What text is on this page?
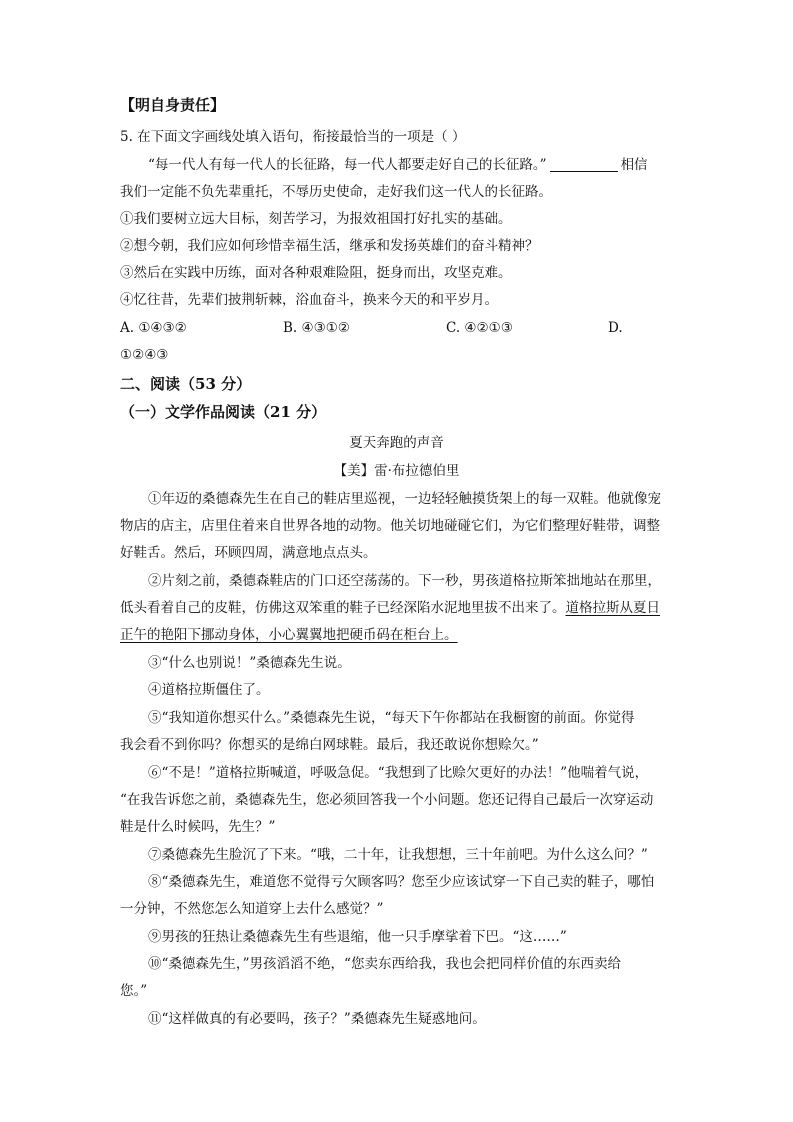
【明自身责任】
5. 在下面文字画线处填入语句，衔接最恰当的一项是（ ）
“每一代人有每一代人的长征路，每一代人都要走好自己的长征路。”	相信
我们一定能不负先辈重托，不辱历史使命，走好我们这一代人的长征路。
①我们要树立远大目标，刻苦学习，为报效祖国打好扎实的基础。
②想今朝，我们应如何珍惜幸福生活，继承和发扬英雄们的奋斗精神？
③然后在实践中历练，面对各种艰难险阻，挺身而出，攻坚克难。
④忆往昔，先辈们披荆斩棘，浴血奋斗，换来今天的和平岁月。
A. ①④③②	B. ④③①②	C. ④②①③	D.
①②④③
二、阅读（53 分）
（一）文学作品阅读（21 分）
夏天奔跑的声音
【美】雷·布拉德伯里
①年迈的桑德森先生在自己的鞋店里巡视，一边轻轻触摸货架上的每一双鞋。他就像宠
物店的店主，店里住着来自世界各地的动物。他关切地碰碰它们，为它们整理好鞋带，调整
好鞋舌。然后，环顾四周，满意地点点头。
②片刻之前，桑德森鞋店的门口还空荡荡的。下一秒，男孩道格拉斯笨拙地站在那里，
低头看着自己的皮鞋，仿佛这双笨重的鞋子已经深陷水泥地里拔不出来了。道格拉斯从夏日
正午的艳阳下挪动身体，小心翼翼地把硬币码在柜台上。
③“什么也别说！”桑德森先生说。
④道格拉斯僵住了。
⑤“我知道你想买什么。”桑德森先生说，“每天下午你都站在我橱窗的前面。你觉得
我会看不到你吗？你想买的是绵白网球鞋。最后，我还敢说你想赊欠。”
⑥“不是！”道格拉斯喊道，呼吸急促。“我想到了比赊欠更好的办法！”他喘着气说，
“在我告诉您之前，桑德森先生，您必须回答我一个小问题。您还记得自己最后一次穿运动
鞋是什么时候吗，先生？”
⑦桑德森先生脸沉了下来。“哦，二十年，让我想想，三十年前吧。为什么这么问？”
⑧“桑德森先生，难道您不觉得亏欠顾客吗？您至少应该试穿一下自己卖的鞋子，哪怕
一分钟，不然您怎么知道穿上去什么感觉？”
⑨男孩的狂热让桑德森先生有些退缩，他一只手摩挲着下巴。“这……”
⑩“桑德森先生，”男孩滔滔不绝，“您卖东西给我，我也会把同样价值的东西卖给
您。”
⑪“这样做真的有必要吗，孩子？”桑德森先生疑惑地问。
